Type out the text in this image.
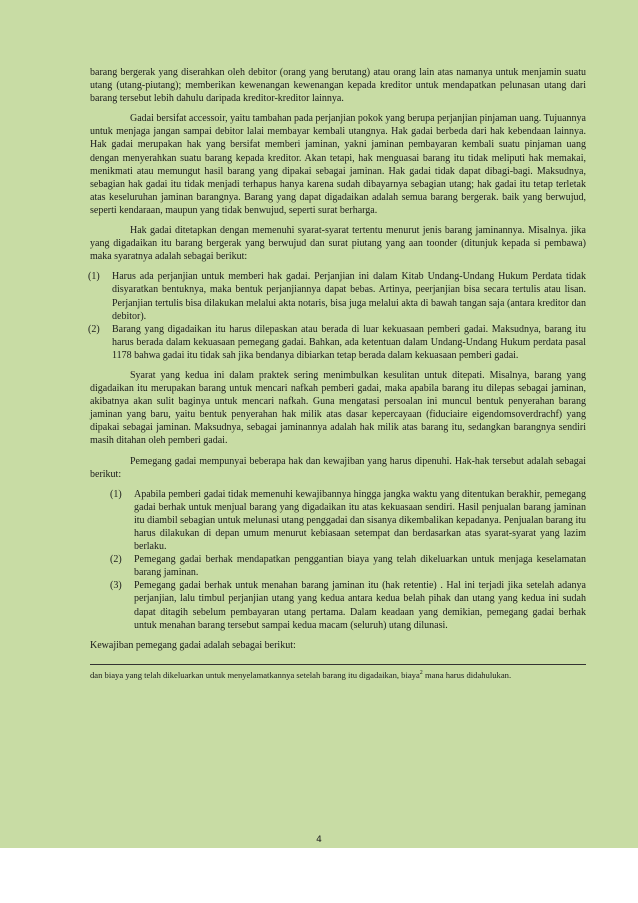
barang bergerak yang diserahkan oleh debitor (orang yang berutang) atau orang lain atas namanya untuk menjamin suatu utang (utang-piutang); memberikan kewenangan kewenangan kepada kreditor untuk mendapatkan pelunasan utang dari barang tersebut lebih dahulu daripada kreditor-kreditor lainnya.

Gadai bersifat accessoir, yaitu tambahan pada perjanjian pokok yang berupa perjanjian pinjaman uang. Tujuannya untuk menjaga jangan sampai debitor lalai membayar kembali utangnya. Hak gadai berbeda dari hak kebendaan lainnya. Hak gadai merupakan hak yang bersifat memberi jaminan, yakni jaminan pembayaran kembali suatu pinjaman uang dengan menyerahkan suatu barang kepada kreditor. Akan tetapi, hak menguasai barang itu tidak meliputi hak memakai, menikmati atau memungut hasil barang yang dipakai sebagai jaminan. Hak gadai tidak dapat dibagi-bagi. Maksudnya, sebagian hak gadai itu tidak menjadi terhapus hanya karena sudah dibayarnya sebagian utang; hak gadai itu tetap terletak atas keseluruhan jaminan barangnya. Barang yang dapat digadaikan adalah semua barang bergerak. baik yang berwujud, seperti kendaraan, maupun yang tidak benwujud, seperti surat berharga.

Hak gadai ditetapkan dengan memenuhi syarat-syarat tertentu menurut jenis barang jaminannya. Misalnya. jika yang digadaikan itu barang bergerak yang berwujud dan surat piutang yang aan toonder (ditunjuk kepada si pembawa) maka syaratnya adalah sebagai berikut:

(1) Harus ada perjanjian untuk memberi hak gadai. Perjanjian ini dalam Kitab Undang-Undang Hukum Perdata tidak disyaratkan bentuknya, maka bentuk perjanjiannya dapat bebas. Artinya, peerjanjian bisa secara tertulis atau lisan. Perjanjian tertulis bisa dilakukan melalui akta notaris, bisa juga melalui akta di bawah tangan saja (antara kreditor dan debitor).
(2) Barang yang digadaikan itu harus dilepaskan atau berada di luar kekuasaan pemberi gadai. Maksudnya, barang itu harus berada dalam kekuasaan pemegang gadai. Bahkan, ada ketentuan dalam Undang-Undang Hukum perdata pasal 1178 bahwa gadai itu tidak sah jika bendanya dibiarkan tetap berada dalam kekuasaan pemberi gadai.

Syarat yang kedua ini dalam praktek sering menimbulkan kesulitan untuk ditepati. Misalnya, barang yang digadaikan itu merupakan barang untuk mencari nafkah pemberi gadai, maka apabila barang itu dilepas sebagai jaminan, akibatnya akan sulit baginya untuk mencari nafkah. Guna mengatasi persoalan ini muncul bentuk penyerahan barang jaminan yang baru, yaitu bentuk penyerahan hak milik atas dasar kepercayaan (fiduciaire eigendomsoverdrachf) yang dipakai sebagai jaminan. Maksudnya, sebagai jaminannya adalah hak milik atas barang itu, sedangkan barangnya sendiri masih ditahan oleh pemberi gadai.

Pemegang gadai mempunyai beberapa hak dan kewajiban yang harus dipenuhi. Hak-hak tersebut adalah sebagai berikut:

(1) Apabila pemberi gadai tidak memenuhi kewajibannya hingga jangka waktu yang ditentukan berakhir, pemegang gadai berhak untuk menjual barang yang digadaikan itu atas kekuasaan sendiri. Hasil penjualan barang jaminan itu diambil sebagian untuk melunasi utang penggadai dan sisanya dikembalikan kepadanya. Penjualan barang itu harus dilakukan di depan umum menurut kebiasaan setempat dan berdasarkan atas syarat-syarat yang lazim berlaku.
(2) Pemegang gadai berhak mendapatkan penggantian biaya yang telah dikeluarkan untuk menjaga keselamatan barang jaminan.
(3) Pemegang gadai berhak untuk menahan barang jaminan itu (hak retentie) . Hal ini terjadi jika setelah adanya perjanjian, lalu timbul perjanjian utang yang kedua antara kedua belah pihak dan utang yang kedua ini sudah dapat ditagih sebelum pembayaran utang pertama. Dalam keadaan yang demikian, pemegang gadai berhak untuk menahan barang tersebut sampai kedua macam (seluruh) utang dilunasi.

Kewajiban pemegang gadai adalah sebagai berikut:

dan biaya yang telah dikeluarkan untuk menyelamatkannya setelah barang itu digadaikan, biaya$^2$ mana harus didahulukan.
4
